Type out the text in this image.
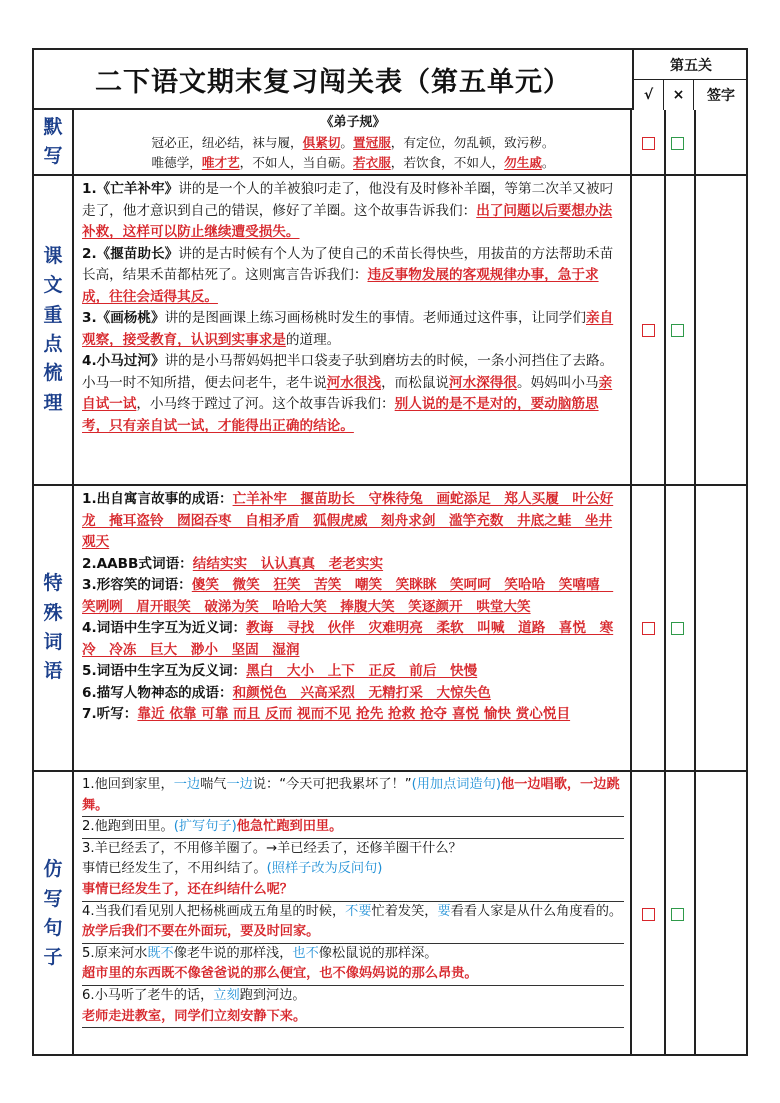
二下语文期末复习闯关表（第五单元）
第五关
√	×	签字
默
写
《弟子规》
冠必正，纽必结，袜与履，俱紧切。置冠服，有定位，勿乱顿，致污秽。
唯德学，唯才艺，不如人，当自砺。若衣服，若饮食，不如人，勿生戚。
课
文
重
点
梳
理
1.《亡羊补牢》讲的是一个人的羊被狼叼走了，他没有及时修补羊圈，等第二次羊又被叼走了，他才意识到自己的错误，修好了羊圈。这个故事告诉我们：出了问题以后要想办法补救，这样可以防止继续遭受损失。
2.《揠苗助长》讲的是古时候有个人为了使自己的禾苗长得快些，用拔苗的方法帮助禾苗长高，结果禾苗都枯死了。这则寓言告诉我们：违反事物发展的客观规律办事，急于求成，往往会适得其反。
3.《画杨桃》讲的是图画课上练习画杨桃时发生的事情。老师通过这件事，让同学们亲自观察，接受教育，认识到实事求是的道理。
4.小马过河》讲的是小马帮妈妈把半口袋麦子驮到磨坊去的时候，一条小河挡住了去路。小马一时不知所措，便去问老牛，老牛说河水很浅，而松鼠说河水深得很。妈妈叫小马亲自试一试，小马终于蹚过了河。这个故事告诉我们：别人说的是不是对的，要动脑筋思考，只有亲自试一试，才能得出正确的结论。
特
殊
词
语
1.出自寓言故事的成语：亡羊补牢　揠苗助长　守株待兔　画蛇添足　郑人买履　叶公好龙　掩耳盗铃　囫囵吞枣　自相矛盾　狐假虎威　刻舟求剑　滥竽充数　井底之蛙　坐井观天
2.AABB式词语：结结实实　认认真真　老老实实
3.形容笑的词语：傻笑　微笑　狂笑　苦笑　嘲笑　笑眯眯　笑呵呵　笑哈哈　笑嘻嘻　笑咧咧　眉开眼笑　破涕为笑　哈哈大笑　捧腹大笑　笑逐颜开　哄堂大笑
4.词语中生字互为近义词：教诲　寻找　伙伴　灾难明亮　柔软　叫喊　道路　喜悦　寒冷　冷冻　巨大　渺小　坚固　湿润
5.词语中生字互为反义词：黑白　大小　上下　正反　前后　快慢
6.描写人物神态的成语：和颜悦色　兴高采烈　无精打采　大惊失色
7.听写：靠近 依靠 可靠 而且 反而 视而不见 抢先 抢救 抢夺 喜悦 愉快 赏心悦目
仿
写
句
子
1.他回到家里，一边喘气一边说：“今天可把我累坏了！”(用加点词造句)他一边唱歌，一边跳舞。
2.他跑到田里。(扩写句子)他急忙跑到田里。
3.羊已经丢了，不用修羊圈了。→羊已经丢了，还修羊圈干什么？
事情已经发生了，不用纠结了。(照样子改为反问句)
事情已经发生了，还在纠结什么呢？
4.当我们看见别人把杨桃画成五角星的时候，不要忙着发笑，要看看人家是从什么角度看的。
放学后我们不要在外面玩，要及时回家。
5.原来河水既不像老牛说的那样浅，也不像松鼠说的那样深。
超市里的东西既不像爸爸说的那么便宜，也不像妈妈说的那么昂贵。
6.小马听了老牛的话，立刻跑到河边。
老师走进教室，同学们立刻安静下来。
